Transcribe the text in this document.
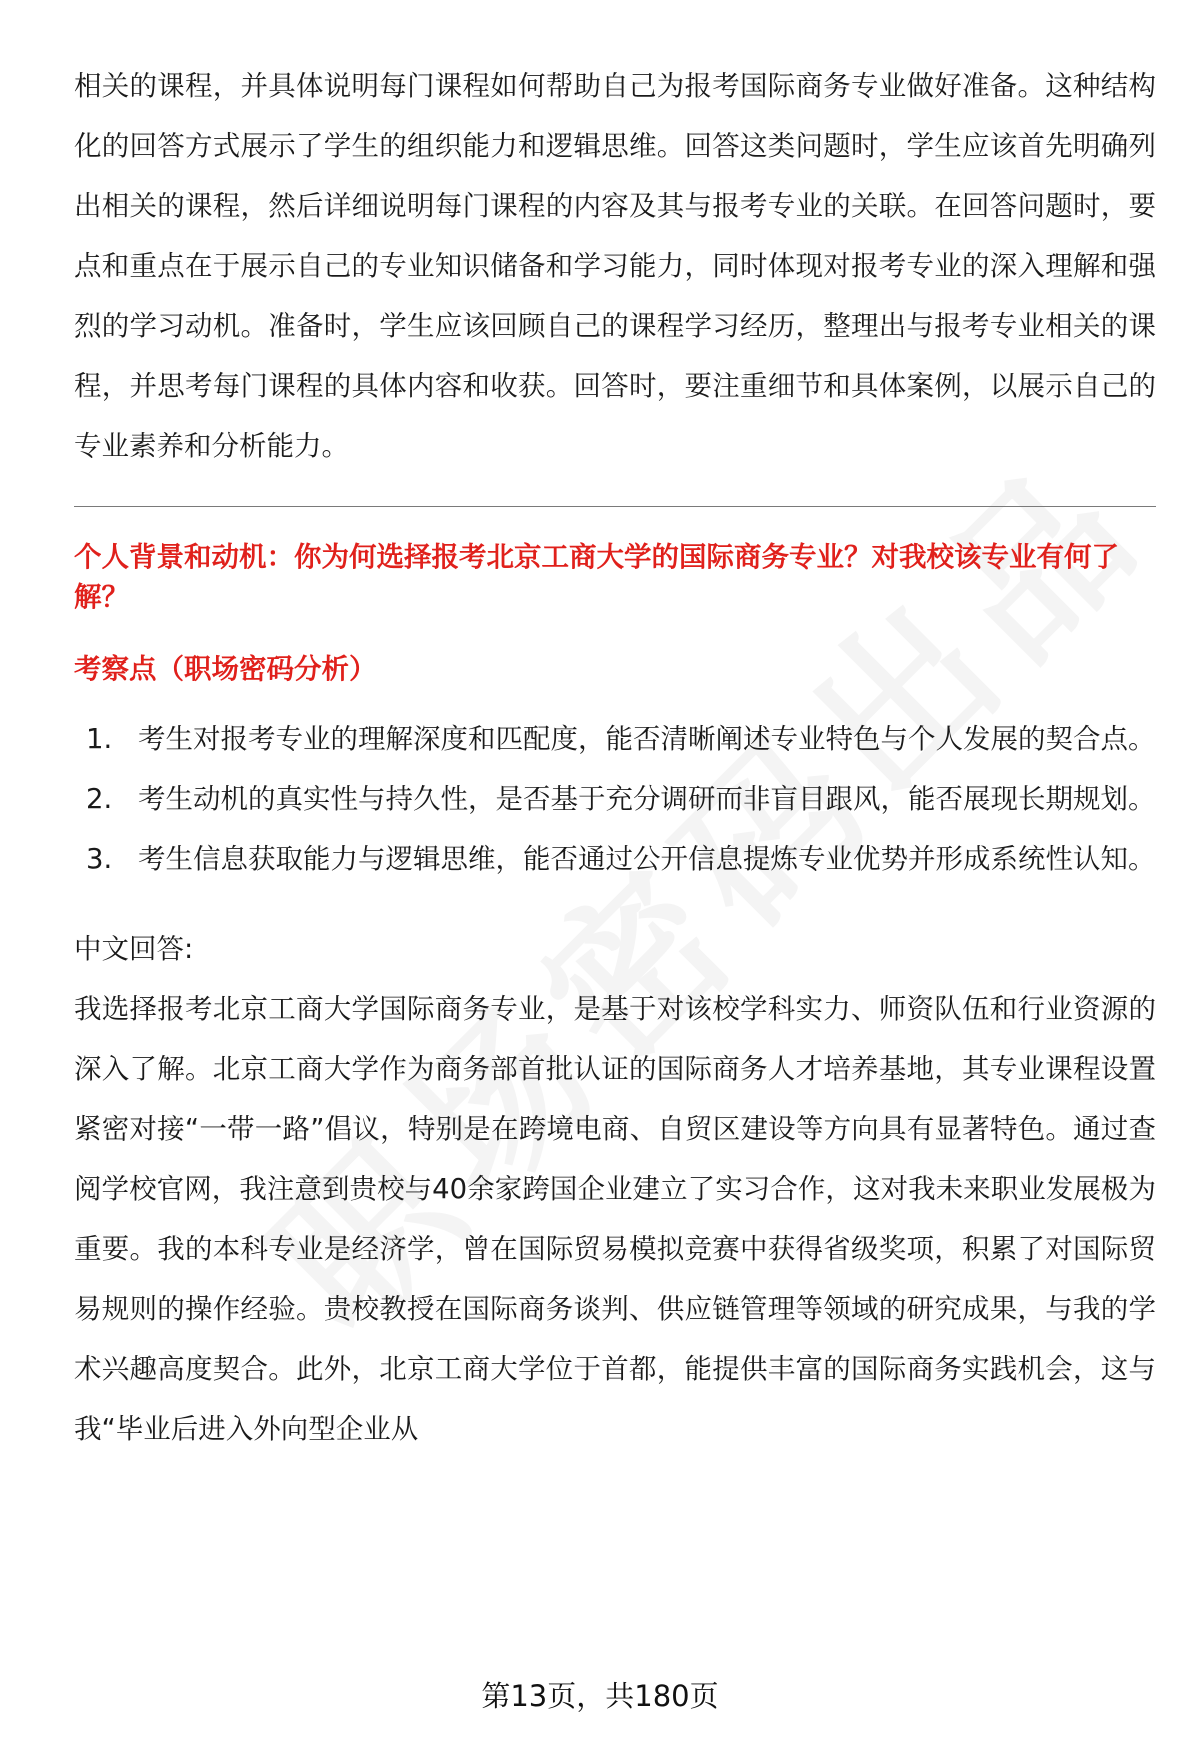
相关的课程，并具体说明每门课程如何帮助自己为报考国际商务专业做好准备。这种结构化的回答方式展示了学生的组织能力和逻辑思维。回答这类问题时，学生应该首先明确列出相关的课程，然后详细说明每门课程的内容及其与报考专业的关联。在回答问题时，要点和重点在于展示自己的专业知识储备和学习能力，同时体现对报考专业的深入理解和强烈的学习动机。准备时，学生应该回顾自己的课程学习经历，整理出与报考专业相关的课程，并思考每门课程的具体内容和收获。回答时，要注重细节和具体案例，以展示自己的专业素养和分析能力。

个人背景和动机：你为何选择报考北京工商大学的国际商务专业？对我校该专业有何了解？

考察点（职场密码分析）

1. 考生对报考专业的理解深度和匹配度，能否清晰阐述专业特色与个人发展的契合点。
2. 考生动机的真实性与持久性，是否基于充分调研而非盲目跟风，能否展现长期规划。
3. 考生信息获取能力与逻辑思维，能否通过公开信息提炼专业优势并形成系统性认知。

中文回答:

我选择报考北京工商大学国际商务专业，是基于对该校学科实力、师资队伍和行业资源的深入了解。北京工商大学作为商务部首批认证的国际商务人才培养基地，其专业课程设置紧密对接“一带一路”倡议，特别是在跨境电商、自贸区建设等方向具有显著特色。通过查阅学校官网，我注意到贵校与40余家跨国企业建立了实习合作，这对我未来职业发展极为重要。我的本科专业是经济学，曾在国际贸易模拟竞赛中获得省级奖项，积累了对国际贸易规则的操作经验。贵校教授在国际商务谈判、供应链管理等领域的研究成果，与我的学术兴趣高度契合。此外，北京工商大学位于首都，能提供丰富的国际商务实践机会，这与我“毕业后进入外向型企业从

第13页，共180页
